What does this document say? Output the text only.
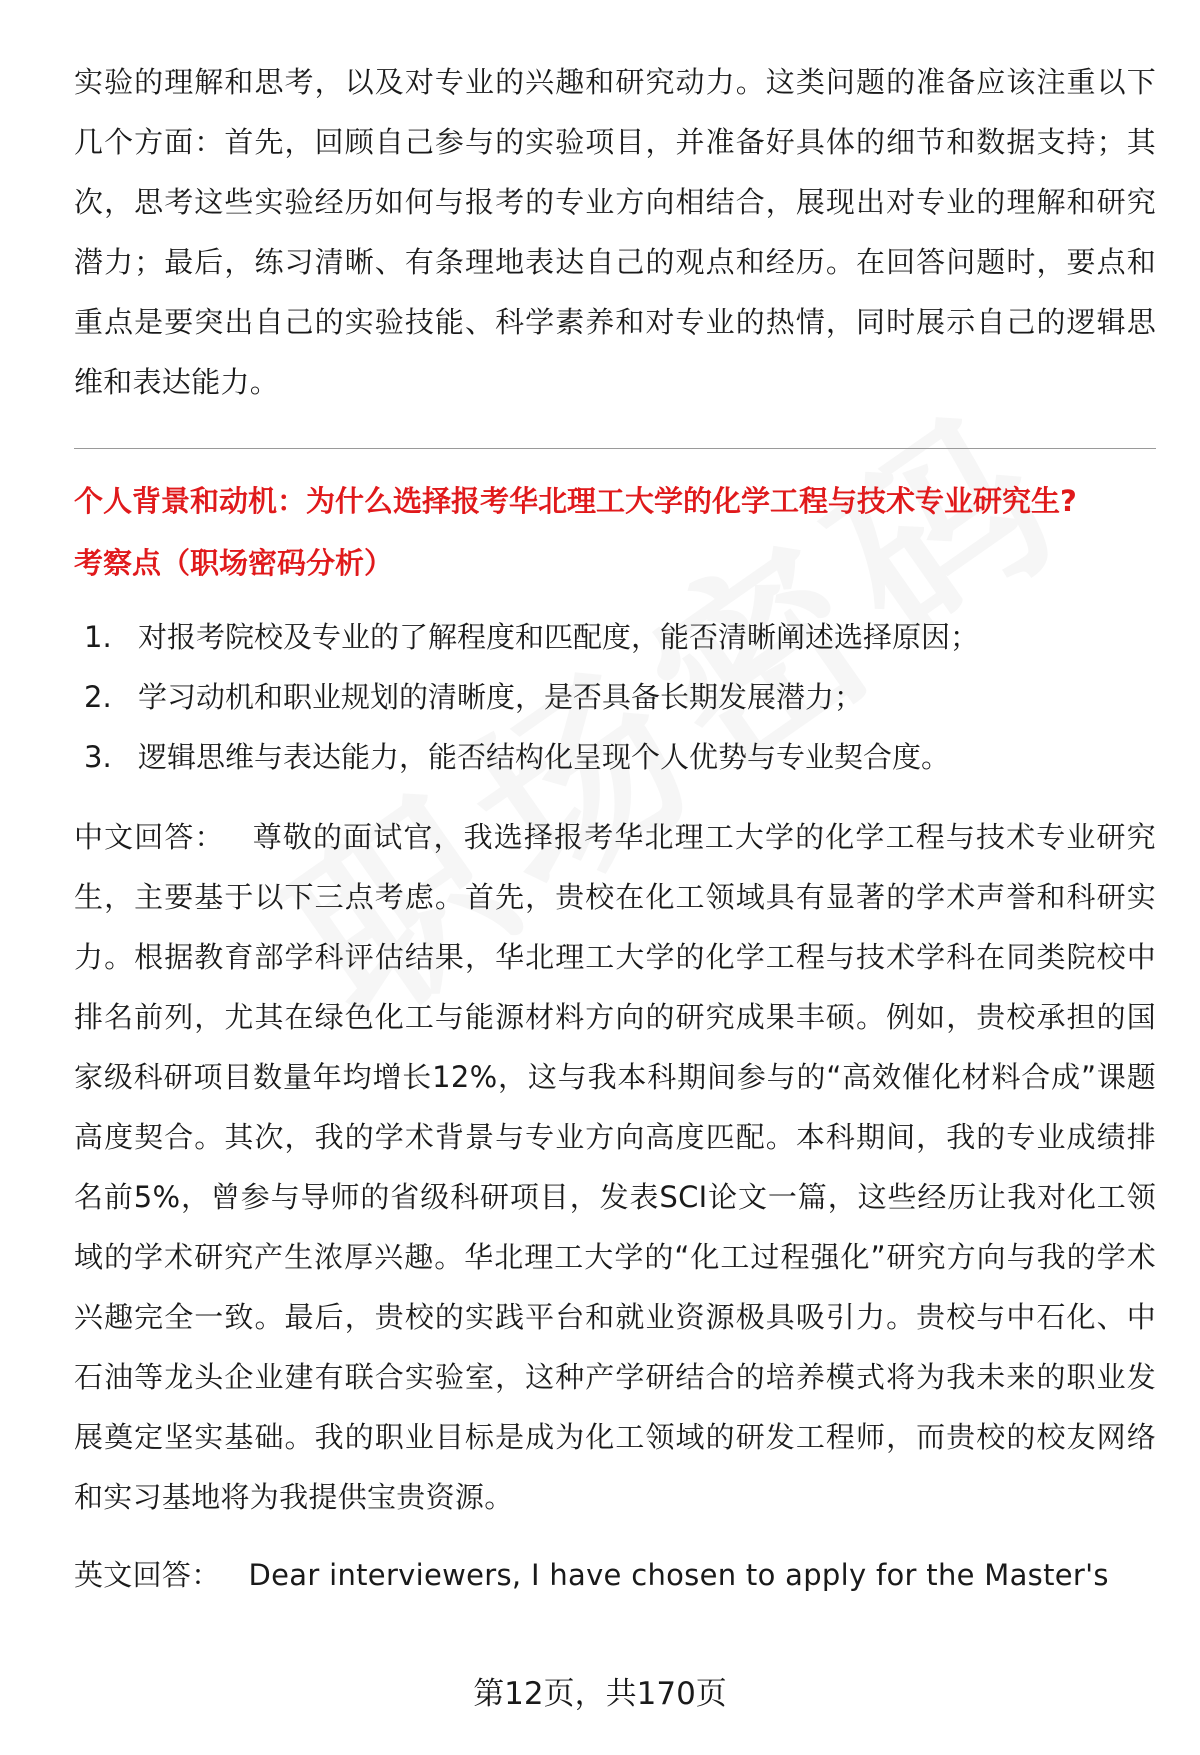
实验的理解和思考，以及对专业的兴趣和研究动力。这类问题的准备应该注重以下几个方面：首先，回顾自己参与的实验项目，并准备好具体的细节和数据支持；其次，思考这些实验经历如何与报考的专业方向相结合，展现出对专业的理解和研究潜力；最后，练习清晰、有条理地表达自己的观点和经历。在回答问题时，要点和重点是要突出自己的实验技能、科学素养和对专业的热情，同时展示自己的逻辑思维和表达能力。

个人背景和动机：为什么选择报考华北理工大学的化学工程与技术专业研究生?
考察点（职场密码分析）
1. 对报考院校及专业的了解程度和匹配度，能否清晰阐述选择原因；
2. 学习动机和职业规划的清晰度，是否具备长期发展潜力；
3. 逻辑思维与表达能力，能否结构化呈现个人优势与专业契合度。

中文回答： 尊敬的面试官，我选择报考华北理工大学的化学工程与技术专业研究生，主要基于以下三点考虑。首先，贵校在化工领域具有显著的学术声誉和科研实力。根据教育部学科评估结果，华北理工大学的化学工程与技术学科在同类院校中排名前列，尤其在绿色化工与能源材料方向的研究成果丰硕。例如，贵校承担的国家级科研项目数量年均增长12%，这与我本科期间参与的“高效催化材料合成”课题高度契合。其次，我的学术背景与专业方向高度匹配。本科期间，我的专业成绩排名前5%，曾参与导师的省级科研项目，发表SCI论文一篇，这些经历让我对化工领域的学术研究产生浓厚兴趣。华北理工大学的“化工过程强化”研究方向与我的学术兴趣完全一致。最后，贵校的实践平台和就业资源极具吸引力。贵校与中石化、中石油等龙头企业建有联合实验室，这种产学研结合的培养模式将为我未来的职业发展奠定坚实基础。我的职业目标是成为化工领域的研发工程师，而贵校的校友网络和实习基地将为我提供宝贵资源。

英文回答： Dear interviewers, I have chosen to apply for the Master's

第12页，共170页
